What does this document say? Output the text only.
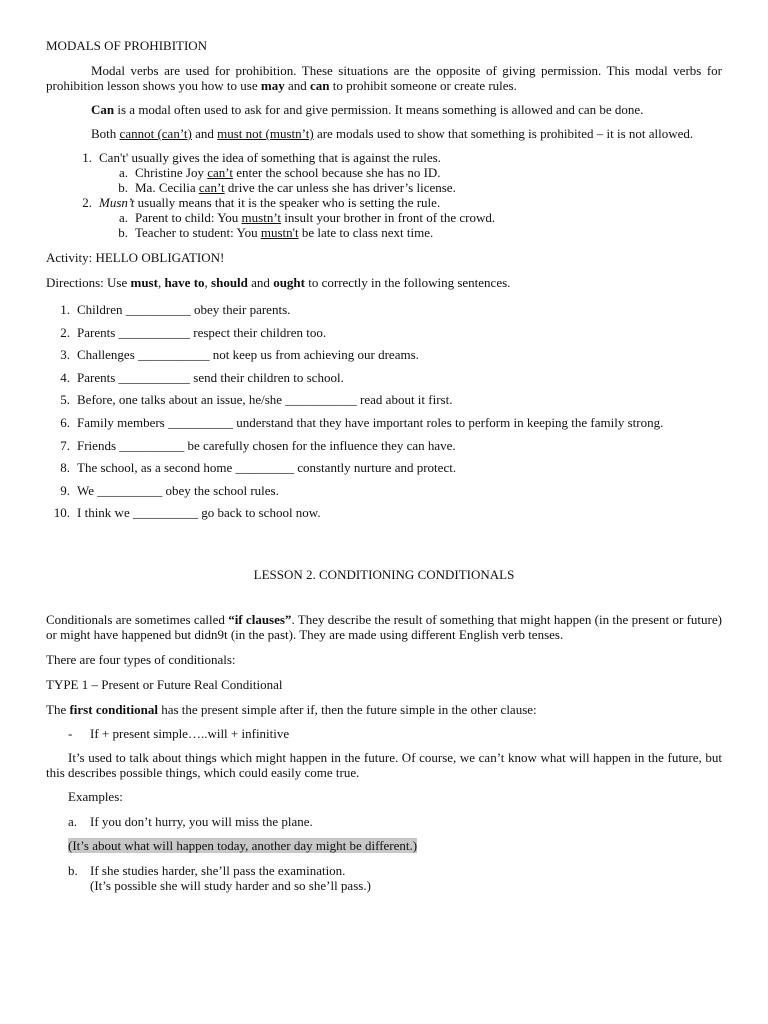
MODALS OF PROHIBITION

Modal verbs are used for prohibition. These situations are the opposite of giving permission. This modal verbs for prohibition lesson shows you how to use may and can to prohibit someone or create rules.

Can is a modal often used to ask for and give permission. It means something is allowed and can be done.

Both cannot (can’t) and must not (mustn’t) are modals used to show that something is prohibited – it is not allowed.

1. Can't' usually gives the idea of something that is against the rules.
a. Christine Joy can’t enter the school because she has no ID.
b. Ma. Cecilia can’t drive the car unless she has driver’s license.
2. Musn’t usually means that it is the speaker who is setting the rule.
a. Parent to child: You mustn’t insult your brother in front of the crowd.
b. Teacher to student: You mustn't be late to class next time.

Activity: HELLO OBLIGATION!

Directions: Use must, have to, should and ought to correctly in the following sentences.

1. Children __________ obey their parents.
2. Parents ___________ respect their children too.
3. Challenges ___________ not keep us from achieving our dreams.
4. Parents ___________ send their children to school.
5. Before, one talks about an issue, he/she ___________ read about it first.
6. Family members __________ understand that they have important roles to perform in keeping the family strong.
7. Friends __________ be carefully chosen for the influence they can have.
8. The school, as a second home _________ constantly nurture and protect.
9. We __________ obey the school rules.
10. I think we __________ go back to school now.

LESSON 2. CONDITIONING CONDITIONALS

Conditionals are sometimes called “if clauses”. They describe the result of something that might happen (in the present or future) or might have happened but didn9t (in the past). They are made using different English verb tenses.

There are four types of conditionals:

TYPE 1 – Present or Future Real Conditional

The first conditional has the present simple after if, then the future simple in the other clause:

-	If + present simple…..will + infinitive

It’s used to talk about things which might happen in the future. Of course, we can’t know what will happen in the future, but this describes possible things, which could easily come true.

Examples:

a. If you don’t hurry, you will miss the plane.

(It’s about what will happen today, another day might be different.)

b. If she studies harder, she’ll pass the examination.
(It’s possible she will study harder and so she’ll pass.)
